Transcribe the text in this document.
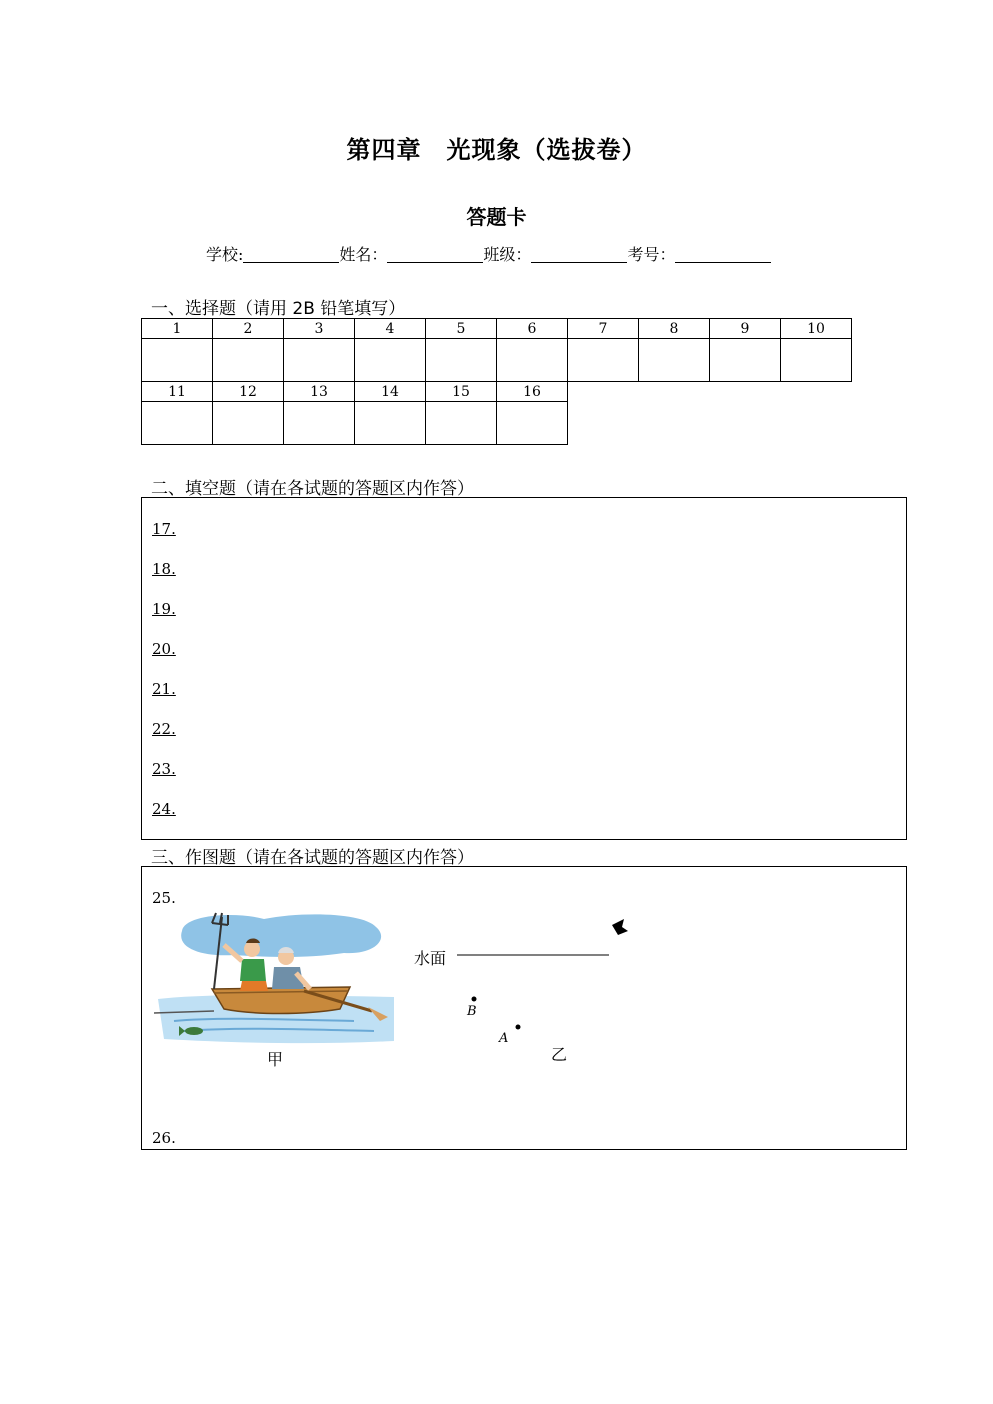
第四章　光现象（选拔卷）
答题卡
学校:	姓名：	班级：	考号：
一、选择题（请用 2B 铅笔填写）
1	2	3	4	5	6	7	8	9	10

11	12	13	14	15	16

二、填空题（请在各试题的答题区内作答）
17.
18.
19.
20.
21.
22.
23.
24.
三、作图题（请在各试题的答题区内作答）
25.
甲
水面
B
A
乙
26.
